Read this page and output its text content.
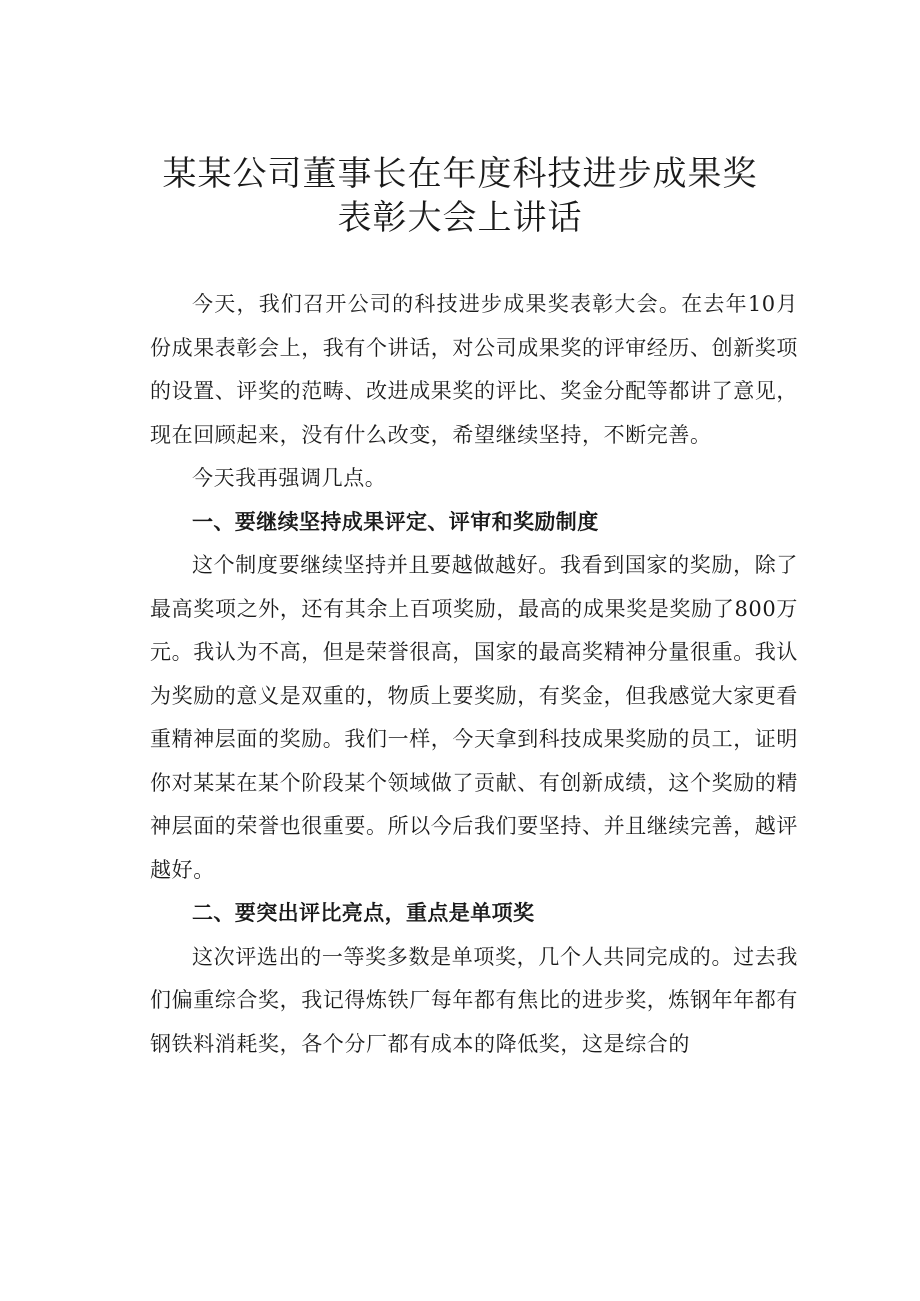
某某公司董事长在年度科技进步成果奖
表彰大会上讲话

今天，我们召开公司的科技进步成果奖表彰大会。在去年10月份成果表彰会上，我有个讲话，对公司成果奖的评审经历、创新奖项的设置、评奖的范畴、改进成果奖的评比、奖金分配等都讲了意见，现在回顾起来，没有什么改变，希望继续坚持，不断完善。

今天我再强调几点。

一、要继续坚持成果评定、评审和奖励制度

这个制度要继续坚持并且要越做越好。我看到国家的奖励，除了最高奖项之外，还有其余上百项奖励，最高的成果奖是奖励了800万元。我认为不高，但是荣誉很高，国家的最高奖精神分量很重。我认为奖励的意义是双重的，物质上要奖励，有奖金，但我感觉大家更看重精神层面的奖励。我们一样，今天拿到科技成果奖励的员工，证明你对某某在某个阶段某个领域做了贡献、有创新成绩，这个奖励的精神层面的荣誉也很重要。所以今后我们要坚持、并且继续完善，越评越好。

二、要突出评比亮点，重点是单项奖

这次评选出的一等奖多数是单项奖，几个人共同完成的。过去我们偏重综合奖，我记得炼铁厂每年都有焦比的进步奖，炼钢年年都有钢铁料消耗奖，各个分厂都有成本的降低奖，这是综合的
